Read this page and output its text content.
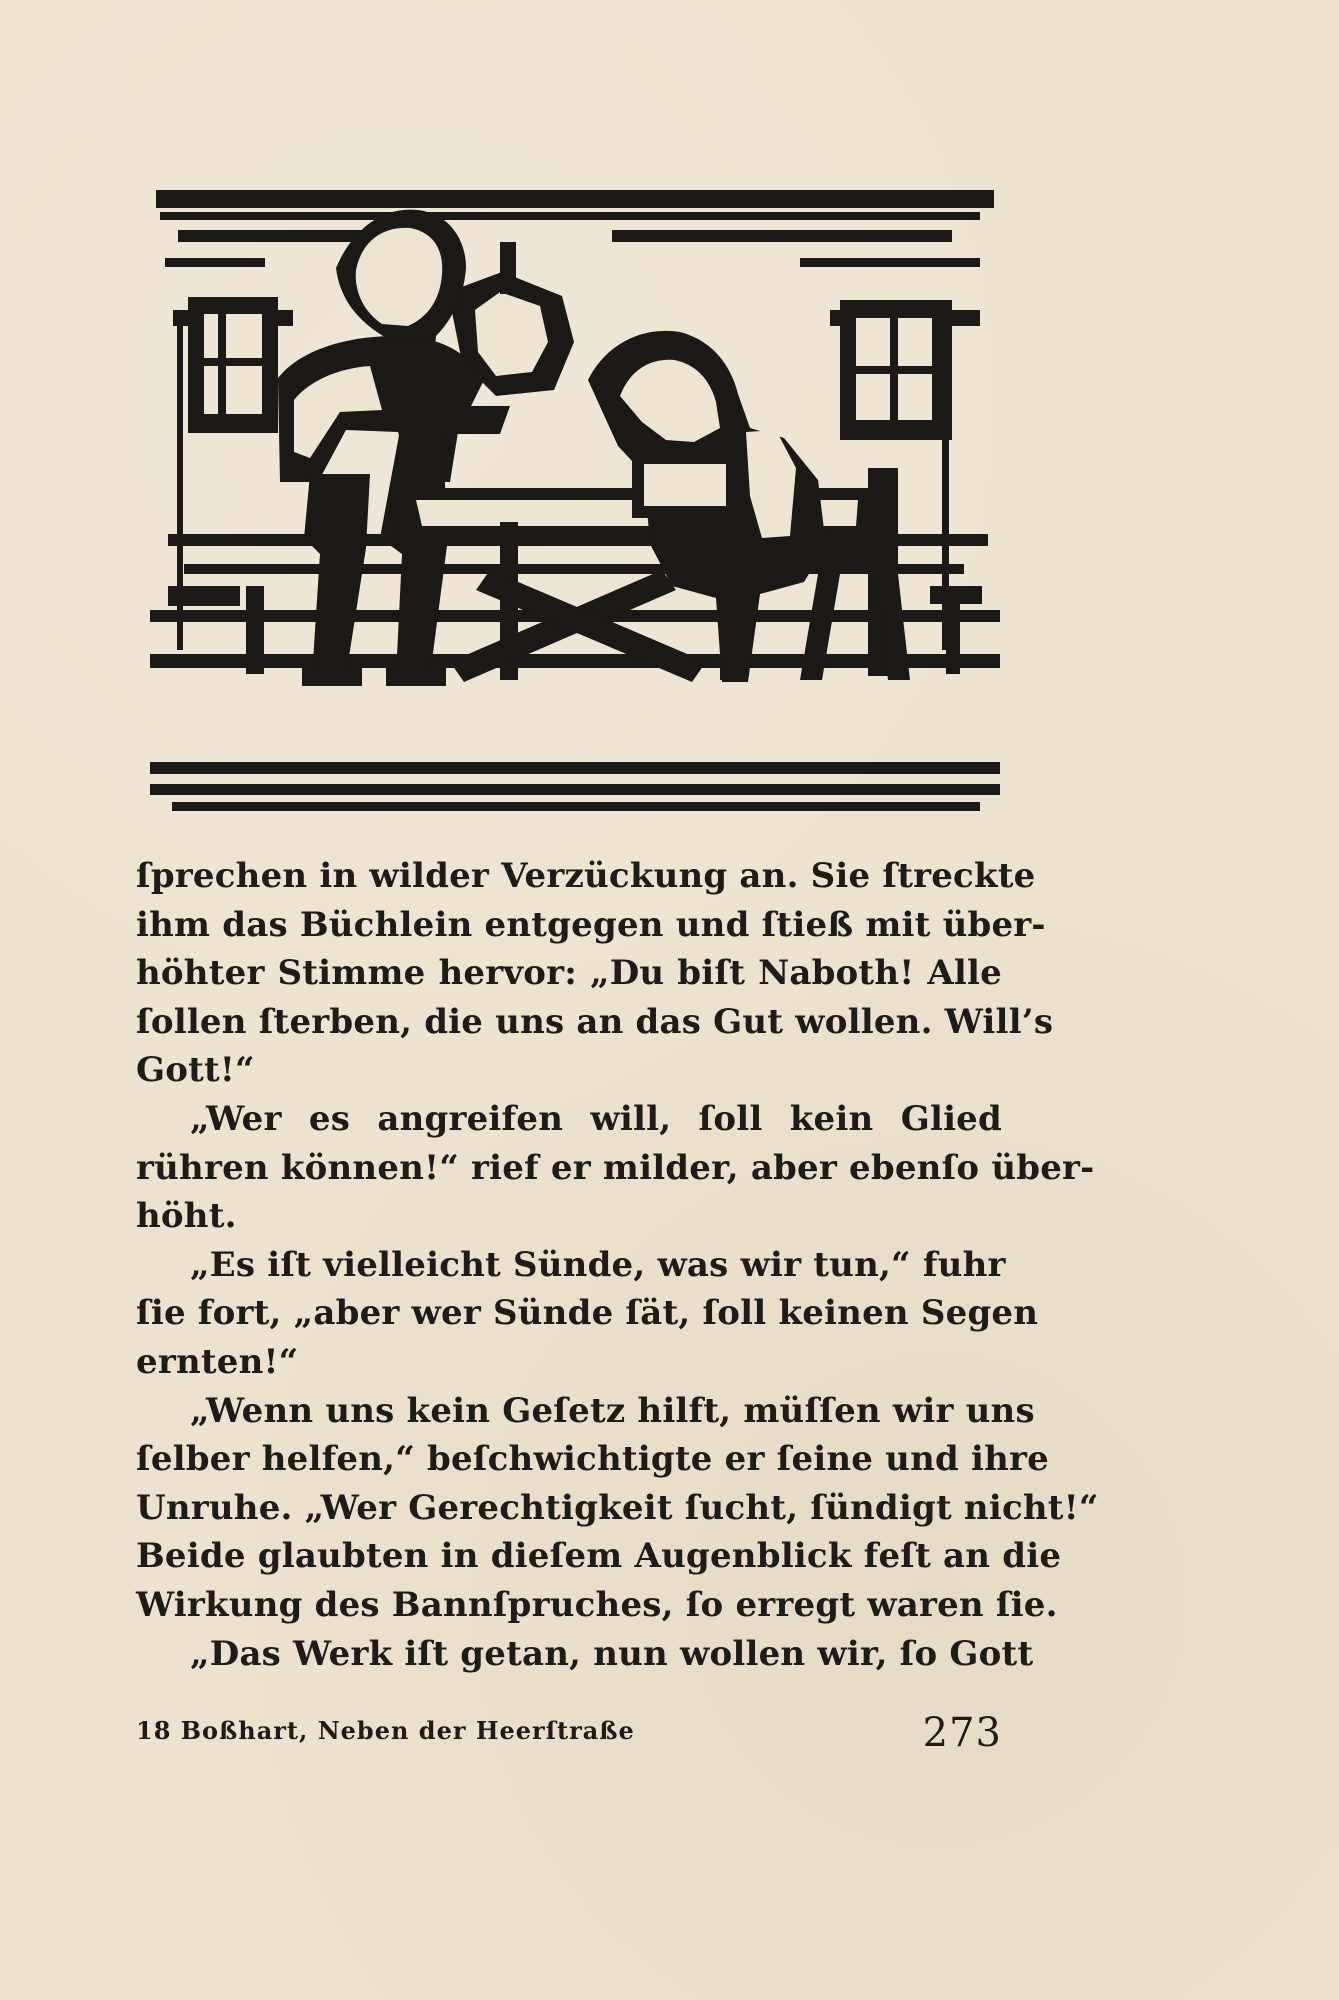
ſprechen in wilder Verzückung an. Sie ſtreckte
ihm das Büchlein entgegen und ſtieß mit über-
höhter Stimme hervor: „Du biſt Naboth! Alle
ſollen ſterben, die uns an das Gut wollen. Will’s
Gott!“
„Wer es angreifen will, ſoll kein Glied
rühren können!“ rief er milder, aber ebenſo über-
höht.
„Es iſt vielleicht Sünde, was wir tun,“ fuhr
ſie fort, „aber wer Sünde ſät, ſoll keinen Segen
ernten!“
„Wenn uns kein Geſetz hilft, müſſen wir uns
ſelber helfen,“ beſchwichtigte er ſeine und ihre
Unruhe. „Wer Gerechtigkeit ſucht, ſündigt nicht!“
Beide glaubten in dieſem Augenblick feſt an die
Wirkung des Bannſpruches, ſo erregt waren ſie.
„Das Werk iſt getan, nun wollen wir, ſo Gott
18 Boßhart, Neben der Heerſtraße	273
